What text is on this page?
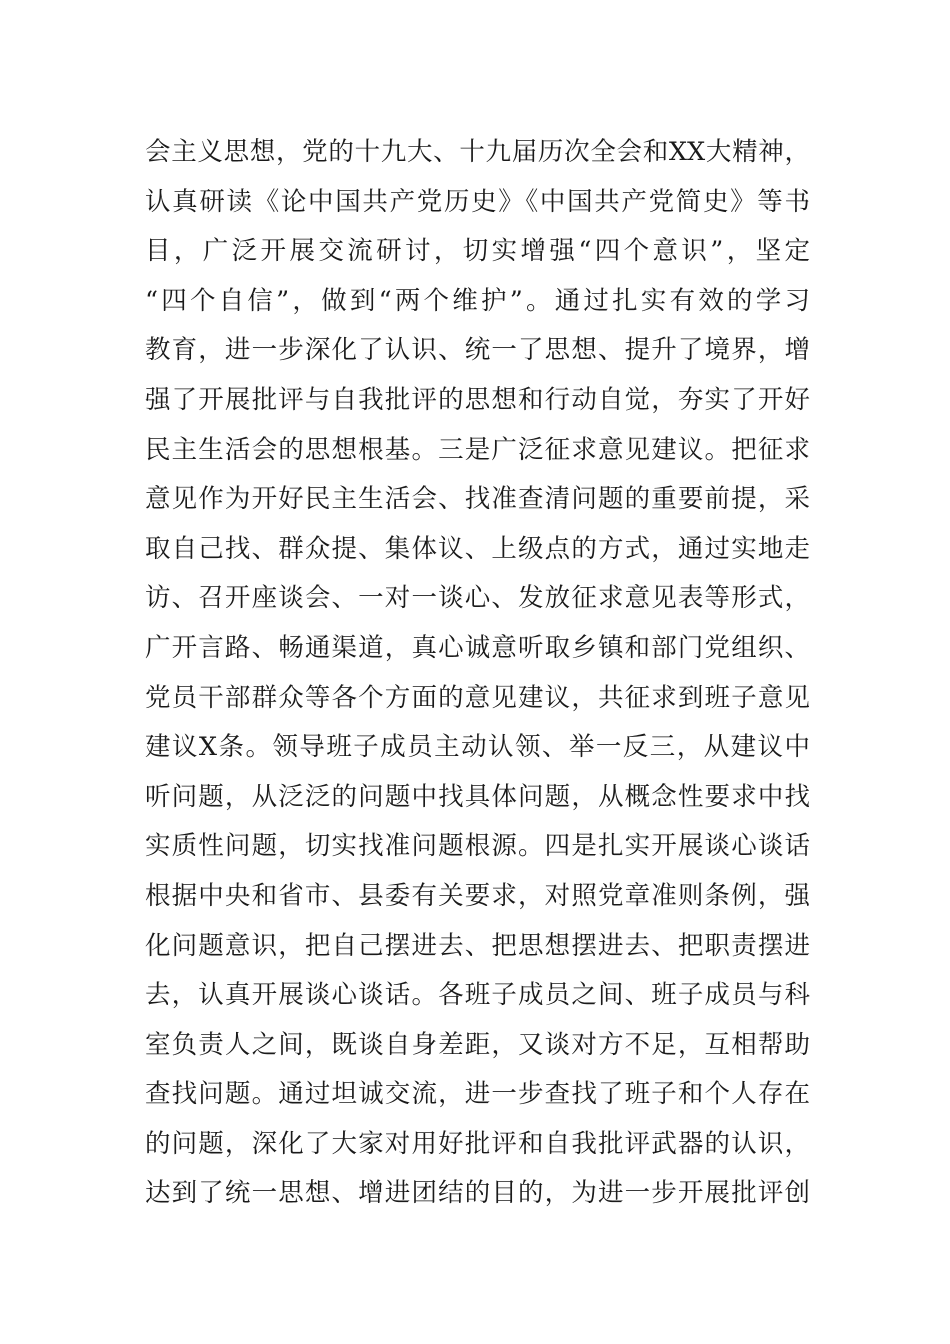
会主义思想，党的十九大、十九届历次全会和XX大精神，
认真研读《论中国共产党历史》《中国共产党简史》等书
目，广泛开展交流研讨，切实增强“四个意识”，坚定
“四个自信”，做到“两个维护”。通过扎实有效的学习
教育，进一步深化了认识、统一了思想、提升了境界，增
强了开展批评与自我批评的思想和行动自觉，夯实了开好
民主生活会的思想根基。三是广泛征求意见建议。把征求
意见作为开好民主生活会、找准查清问题的重要前提，采
取自己找、群众提、集体议、上级点的方式，通过实地走
访、召开座谈会、一对一谈心、发放征求意见表等形式，
广开言路、畅通渠道，真心诚意听取乡镇和部门党组织、
党员干部群众等各个方面的意见建议，共征求到班子意见
建议X条。领导班子成员主动认领、举一反三，从建议中
听问题，从泛泛的问题中找具体问题，从概念性要求中找
实质性问题，切实找准问题根源。四是扎实开展谈心谈话
根据中央和省市、县委有关要求，对照党章准则条例，强
化问题意识，把自己摆进去、把思想摆进去、把职责摆进
去，认真开展谈心谈话。各班子成员之间、班子成员与科
室负责人之间，既谈自身差距，又谈对方不足，互相帮助
查找问题。通过坦诚交流，进一步查找了班子和个人存在
的问题，深化了大家对用好批评和自我批评武器的认识，
达到了统一思想、增进团结的目的，为进一步开展批评创
